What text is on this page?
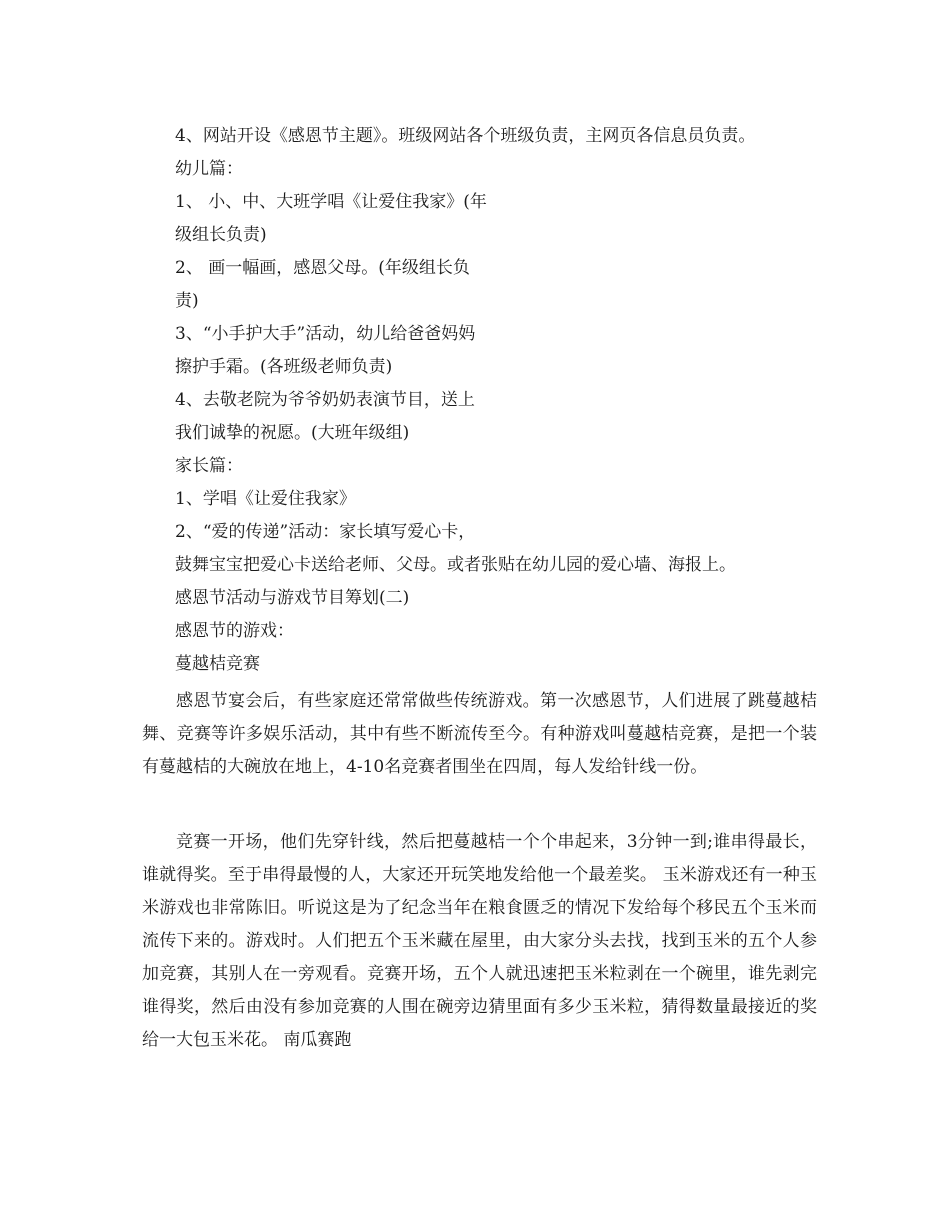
4、网站开设《感恩节主题》。班级网站各个班级负责，主网页各信息员负责。
幼儿篇：
1、 小、中、大班学唱《让爱住我家》(年
级组长负责)
2、 画一幅画，感恩父母。(年级组长负
责)
3、“小手护大手”活动，幼儿给爸爸妈妈
擦护手霜。(各班级老师负责)
4、去敬老院为爷爷奶奶表演节目，送上
我们诚挚的祝愿。(大班年级组)
家长篇：
1、学唱《让爱住我家》
2、“爱的传递”活动：家长填写爱心卡，
鼓舞宝宝把爱心卡送给老师、父母。或者张贴在幼儿园的爱心墙、海报上。
感恩节活动与游戏节目筹划(二)
感恩节的游戏：
蔓越桔竞赛
感恩节宴会后，有些家庭还常常做些传统游戏。第一次感恩节，人们进展了跳蔓越桔舞、竞赛等许多娱乐活动，其中有些不断流传至今。有种游戏叫蔓越桔竞赛，是把一个装有蔓越桔的大碗放在地上，4-10名竞赛者围坐在四周，每人发给针线一份。
竞赛一开场，他们先穿针线，然后把蔓越桔一个个串起来，3分钟一到;谁串得最长，谁就得奖。至于串得最慢的人，大家还开玩笑地发给他一个最差奖。 玉米游戏还有一种玉米游戏也非常陈旧。听说这是为了纪念当年在粮食匮乏的情况下发给每个移民五个玉米而流传下来的。游戏时。人们把五个玉米藏在屋里，由大家分头去找，找到玉米的五个人参加竞赛，其别人在一旁观看。竞赛开场，五个人就迅速把玉米粒剥在一个碗里，谁先剥完谁得奖，然后由没有参加竞赛的人围在碗旁边猜里面有多少玉米粒，猜得数量最接近的奖给一大包玉米花。 南瓜赛跑
